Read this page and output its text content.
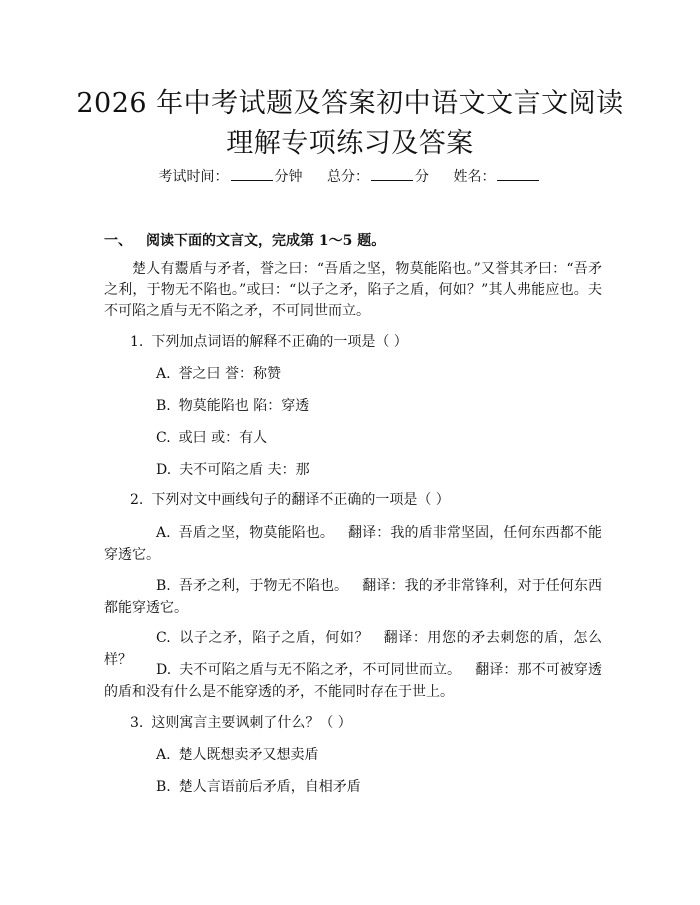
2026 年中考试题及答案初中语文文言文阅读
理解专项练习及答案
考试时间：	分钟 总分：	分 姓名：
一、 阅读下面的文言文，完成第 1～5 题。
楚人有鬻盾与矛者，誉之曰：“吾盾之坚，物莫能陷也。”又誉其矛曰：“吾矛之利，于物无不陷也。”或曰：“以子之矛，陷子之盾，何如？”其人弗能应也。夫不可陷之盾与无不陷之矛，不可同世而立。
1. 下列加点词语的解释不正确的一项是（ ）
A. 誉之曰 誉：称赞
B. 物莫能陷也 陷：穿透
C. 或曰 或：有人
D. 夫不可陷之盾 夫：那
2. 下列对文中画线句子的翻译不正确的一项是（ ）
A. 吾盾之坚，物莫能陷也。 翻译：我的盾非常坚固，任何东西都不能穿透它。
B. 吾矛之利，于物无不陷也。 翻译：我的矛非常锋利，对于任何东西都能穿透它。
C. 以子之矛，陷子之盾，何如？ 翻译：用您的矛去刺您的盾，怎么样？
D. 夫不可陷之盾与无不陷之矛，不可同世而立。 翻译：那不可被穿透的盾和没有什么是不能穿透的矛，不能同时存在于世上。
3. 这则寓言主要讽刺了什么？（ ）
A. 楚人既想卖矛又想卖盾
B. 楚人言语前后矛盾，自相矛盾
